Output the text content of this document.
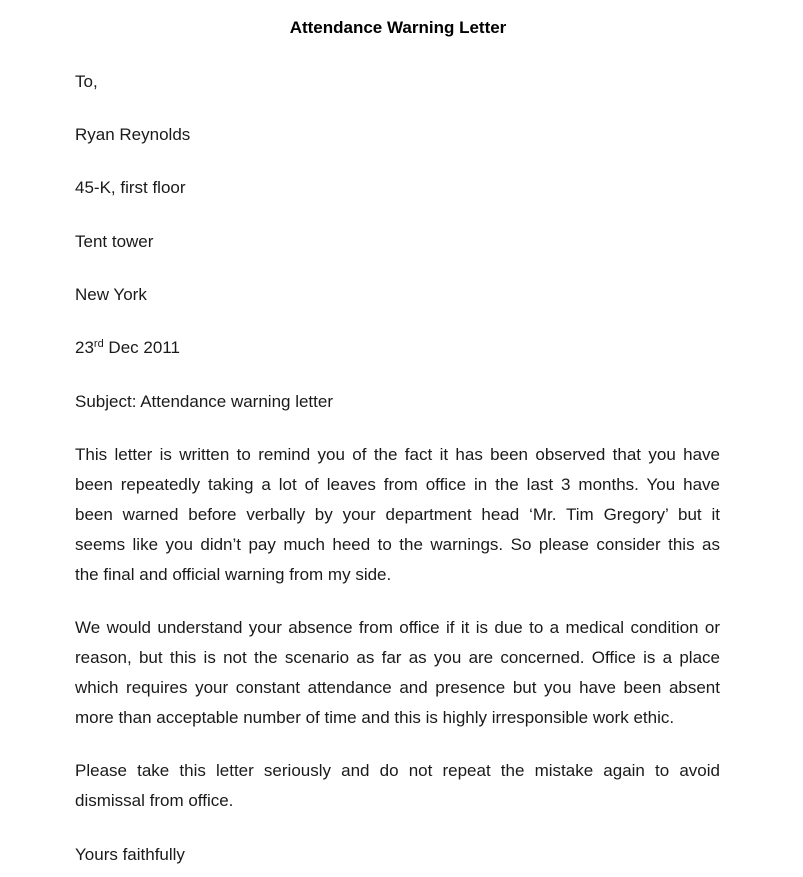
Attendance Warning Letter

To,

Ryan Reynolds

45-K, first floor

Tent tower

New York

23rd Dec 2011

Subject: Attendance warning letter

This letter is written to remind you of the fact it has been observed that you have
been repeatedly taking a lot of leaves from office in the last 3 months. You have
been warned before verbally by your department head ‘Mr. Tim Gregory’ but it
seems like you didn’t pay much heed to the warnings. So please consider this as
the final and official warning from my side.
We would understand your absence from office if it is due to a medical condition or
reason, but this is not the scenario as far as you are concerned. Office is a place
which requires your constant attendance and presence but you have been absent
more than acceptable number of time and this is highly irresponsible work ethic.
Please take this letter seriously and do not repeat the mistake again to avoid
dismissal from office.

Yours faithfully
